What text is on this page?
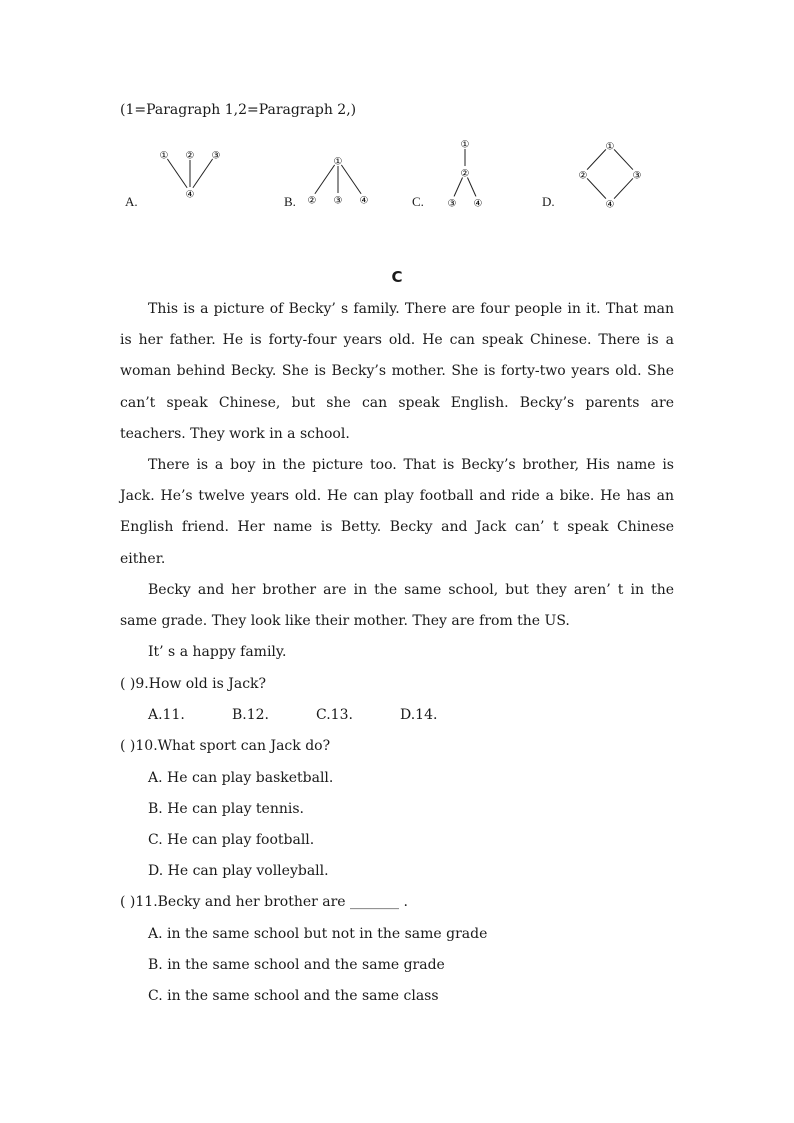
(1=Paragraph 1,2=Paragraph 2,)
① ② ③
④
A.
①
② ③ ④
B.
①
②
③ ④
C.
①
②	③
④
D.
C

This is a picture of Becky’ s family. There are four people in it. That man is her father. He is forty-four years old. He can speak Chinese. There is a woman behind Becky. She is Becky’s mother. She is forty-two years old. She can’t speak Chinese, but she can speak English. Becky’s parents are teachers. They work in a school.

There is a boy in the picture too. That is Becky’s brother, His name is Jack. He’s twelve years old. He can play football and ride a bike. He has an English friend. Her name is Betty. Becky and Jack can’ t speak Chinese either.

Becky and her brother are in the same school, but they aren’ t in the same grade. They look like their mother. They are from the US.

It’ s a happy family.

( )9.How old is Jack?
A.11.	B.12.	C.13.	D.14.
( )10.What sport can Jack do?
A. He can play basketball.
B. He can play tennis.
C. He can play football.
D. He can play volleyball.
( )11.Becky and her brother are _______ .
A. in the same school but not in the same grade
B. in the same school and the same grade
C. in the same school and the same class
